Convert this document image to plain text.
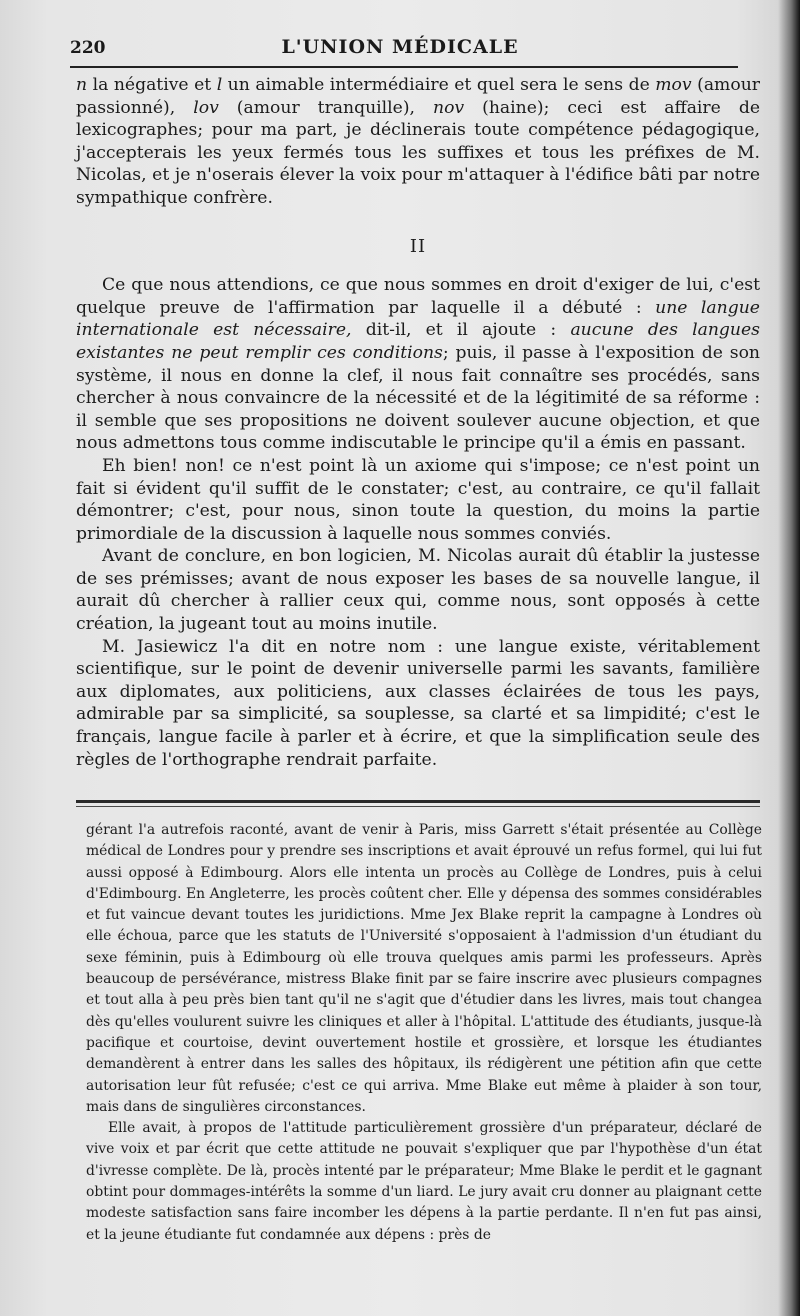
220	L'UNION MÉDICALE

n la négative et l un aimable intermédiaire et quel sera le sens de mov (amour passionné), lov (amour tranquille), nov (haine); ceci est affaire de lexicographes; pour ma part, je déclinerais toute compétence pédagogique, j'accepterais les yeux fermés tous les suffixes et tous les préfixes de M. Nicolas, et je n'oserais élever la voix pour m'attaquer à l'édifice bâti par notre sympathique confrère.

II

Ce que nous attendions, ce que nous sommes en droit d'exiger de lui, c'est quelque preuve de l'affirmation par laquelle il a débuté : une langue internationale est nécessaire, dit-il, et il ajoute : aucune des langues existantes ne peut remplir ces conditions; puis, il passe à l'exposition de son système, il nous en donne la clef, il nous fait connaître ses procédés, sans chercher à nous convaincre de la nécessité et de la légitimité de sa réforme : il semble que ses propositions ne doivent soulever aucune objection, et que nous admettons tous comme indiscutable le principe qu'il a émis en passant.

Eh bien! non! ce n'est point là un axiome qui s'impose; ce n'est point un fait si évident qu'il suffit de le constater; c'est, au contraire, ce qu'il fallait démontrer; c'est, pour nous, sinon toute la question, du moins la partie primordiale de la discussion à laquelle nous sommes conviés.

Avant de conclure, en bon logicien, M. Nicolas aurait dû établir la justesse de ses prémisses; avant de nous exposer les bases de sa nouvelle langue, il aurait dû chercher à rallier ceux qui, comme nous, sont opposés à cette création, la jugeant tout au moins inutile.

M. Jasiewicz l'a dit en notre nom : une langue existe, véritablement scientifique, sur le point de devenir universelle parmi les savants, familière aux diplomates, aux politiciens, aux classes éclairées de tous les pays, admirable par sa simplicité, sa souplesse, sa clarté et sa limpidité; c'est le français, langue facile à parler et à écrire, et que la simplification seule des règles de l'orthographe rendrait parfaite.

gérant l'a autrefois raconté, avant de venir à Paris, miss Garrett s'était présentée au Collège médical de Londres pour y prendre ses inscriptions et avait éprouvé un refus formel, qui lui fut aussi opposé à Edimbourg. Alors elle intenta un procès au Collège de Londres, puis à celui d'Edimbourg. En Angleterre, les procès coûtent cher. Elle y dépensa des sommes considérables et fut vaincue devant toutes les juridictions. Mme Jex Blake reprit la campagne à Londres où elle échoua, parce que les statuts de l'Université s'opposaient à l'admission d'un étudiant du sexe féminin, puis à Edimbourg où elle trouva quelques amis parmi les professeurs. Après beaucoup de persévérance, mistress Blake finit par se faire inscrire avec plusieurs compagnes et tout alla à peu près bien tant qu'il ne s'agit que d'étudier dans les livres, mais tout changea dès qu'elles voulurent suivre les cliniques et aller à l'hôpital. L'attitude des étudiants, jusque-là pacifique et courtoise, devint ouvertement hostile et grossière, et lorsque les étudiantes demandèrent à entrer dans les salles des hôpitaux, ils rédigèrent une pétition afin que cette autorisation leur fût refusée; c'est ce qui arriva. Mme Blake eut même à plaider à son tour, mais dans de singulières circonstances.

Elle avait, à propos de l'attitude particulièrement grossière d'un préparateur, déclaré de vive voix et par écrit que cette attitude ne pouvait s'expliquer que par l'hypothèse d'un état d'ivresse complète. De là, procès intenté par le préparateur; Mme Blake le perdit et le gagnant obtint pour dommages-intérêts la somme d'un liard. Le jury avait cru donner au plaignant cette modeste satisfaction sans faire incomber les dépens à la partie perdante. Il n'en fut pas ainsi, et la jeune étudiante fut condamnée aux dépens : près de
